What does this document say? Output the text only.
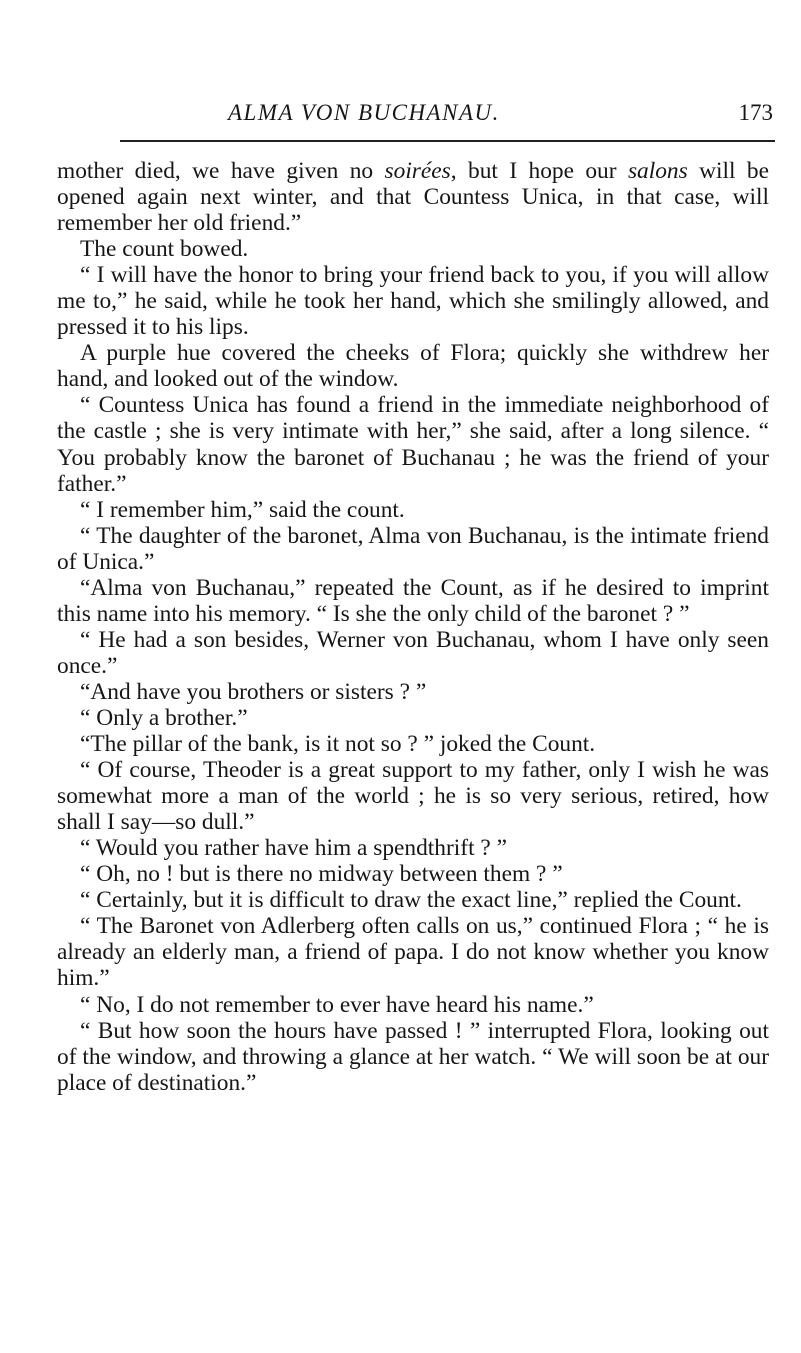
ALMA VON BUCHANAU.	173

mother died, we have given no soirées, but I hope our salons will be opened again next winter, and that Countess Unica, in that case, will remember her old friend.”

The count bowed.

“ I will have the honor to bring your friend back to you, if you will allow me to,” he said, while he took her hand, which she smilingly allowed, and pressed it to his lips.

A purple hue covered the cheeks of Flora; quickly she withdrew her hand, and looked out of the window.

“ Countess Unica has found a friend in the immediate neighborhood of the castle ; she is very intimate with her,” she said, after a long silence. “ You probably know the baronet of Buchanau ; he was the friend of your father.”

“ I remember him,” said the count.

“ The daughter of the baronet, Alma von Buchanau, is the intimate friend of Unica.”

“Alma von Buchanau,” repeated the Count, as if he desired to imprint this name into his memory. “ Is she the only child of the baronet ? ”

“ He had a son besides, Werner von Buchanau, whom I have only seen once.”

“And have you brothers or sisters ? ”

“ Only a brother.”

“The pillar of the bank, is it not so ? ” joked the Count.

“ Of course, Theoder is a great support to my father, only I wish he was somewhat more a man of the world ; he is so very serious, retired, how shall I say—so dull.”

“ Would you rather have him a spendthrift ? ”

“ Oh, no ! but is there no midway between them ? ”

“ Certainly, but it is difficult to draw the exact line,” replied the Count.

“ The Baronet von Adlerberg often calls on us,” continued Flora ; “ he is already an elderly man, a friend of papa. I do not know whether you know him.”

“ No, I do not remember to ever have heard his name.”

“ But how soon the hours have passed ! ” interrupted Flora, looking out of the window, and throwing a glance at her watch. “ We will soon be at our place of destination.”
